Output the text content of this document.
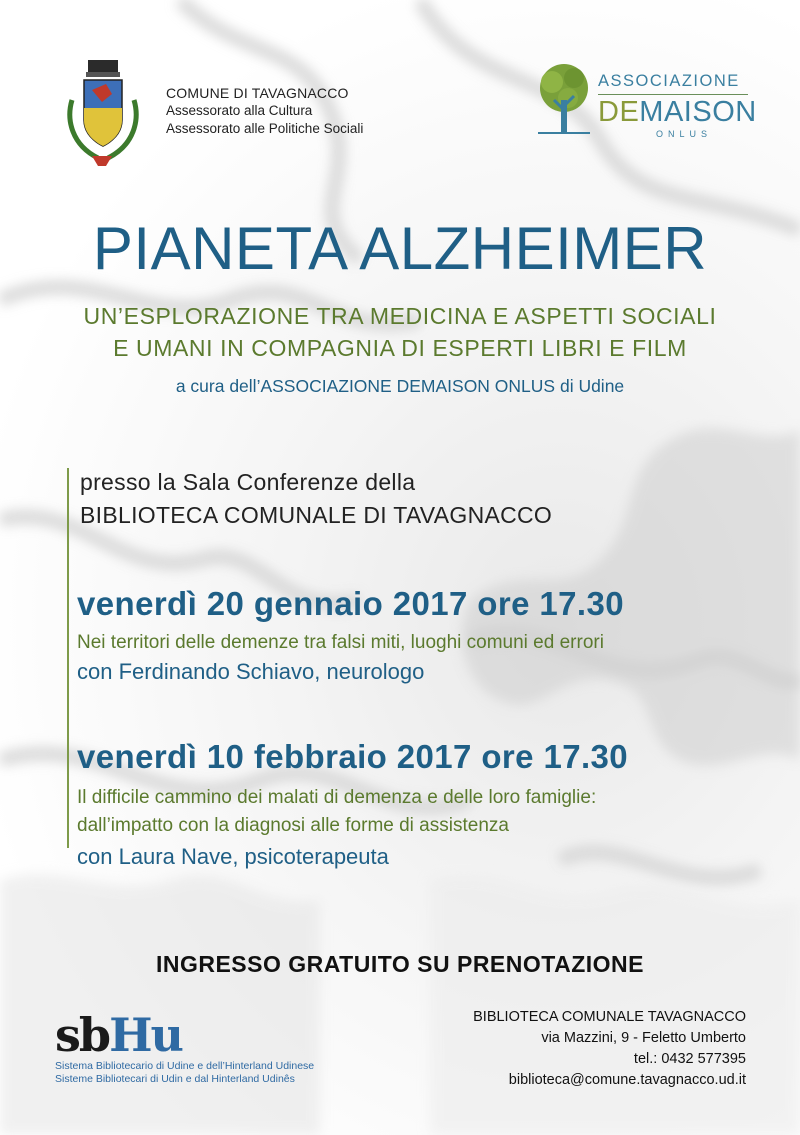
COMUNE DI TAVAGNACCO
Assessorato alla Cultura
Assessorato alle Politiche Sociali
ASSOCIAZIONE
DEMAISON
ONLUS
PIANETA ALZHEIMER
UN’ESPLORAZIONE TRA MEDICINA E ASPETTI SOCIALI
E UMANI IN COMPAGNIA DI ESPERTI LIBRI E FILM
a cura dell’ASSOCIAZIONE DEMAISON ONLUS di Udine
presso la Sala Conferenze della
BIBLIOTECA COMUNALE DI TAVAGNACCO
venerdì 20 gennaio 2017 ore 17.30
Nei territori delle demenze tra falsi miti, luoghi comuni ed errori
con Ferdinando Schiavo, neurologo
venerdì 10 febbraio 2017 ore 17.30
Il difficile cammino dei malati di demenza e delle loro famiglie:
dall’impatto con la diagnosi alle forme di assistenza
con Laura Nave, psicoterapeuta
INGRESSO GRATUITO SU PRENOTAZIONE
sbHu
Sistema Bibliotecario di Udine e dell’Hinterland Udinese
Sisteme Bibliotecari di Udin e dal Hinterland Udinês
BIBLIOTECA COMUNALE TAVAGNACCO
via Mazzini, 9 - Feletto Umberto
tel.: 0432 577395
biblioteca@comune.tavagnacco.ud.it
